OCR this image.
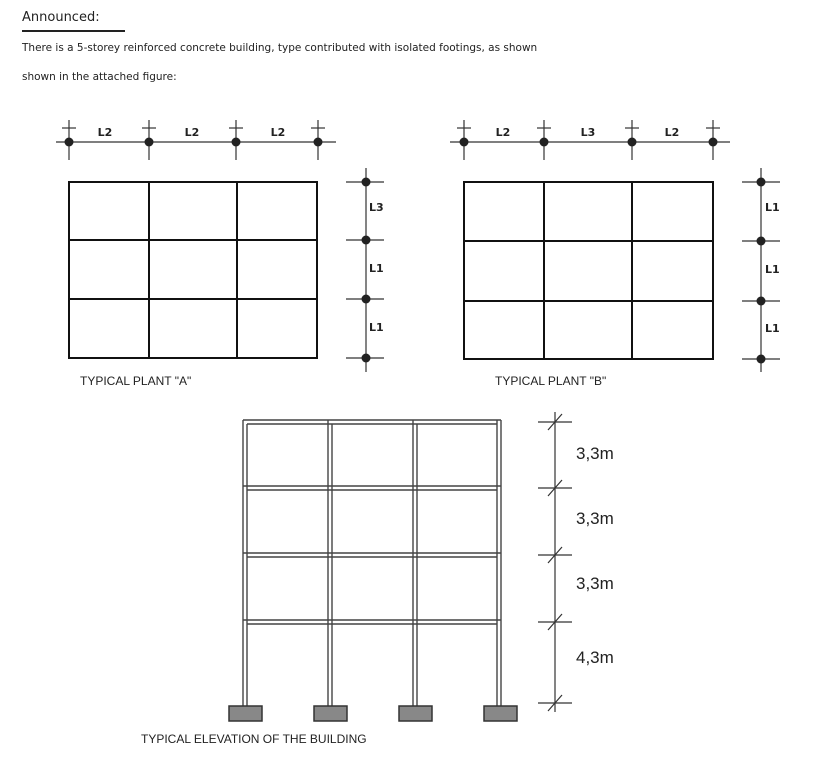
Announced:
There is a 5-storey reinforced concrete building, type contributed with isolated footings, as shown
shown in the attached figure:
L2	L2	L2
L3
L1
L1
TYPICAL PLANT "A"
L2	L3	L2
L1
L1
L1
TYPICAL PLANT "B"
3,3m
3,3m
3,3m
4,3m
TYPICAL ELEVATION OF THE BUILDING
